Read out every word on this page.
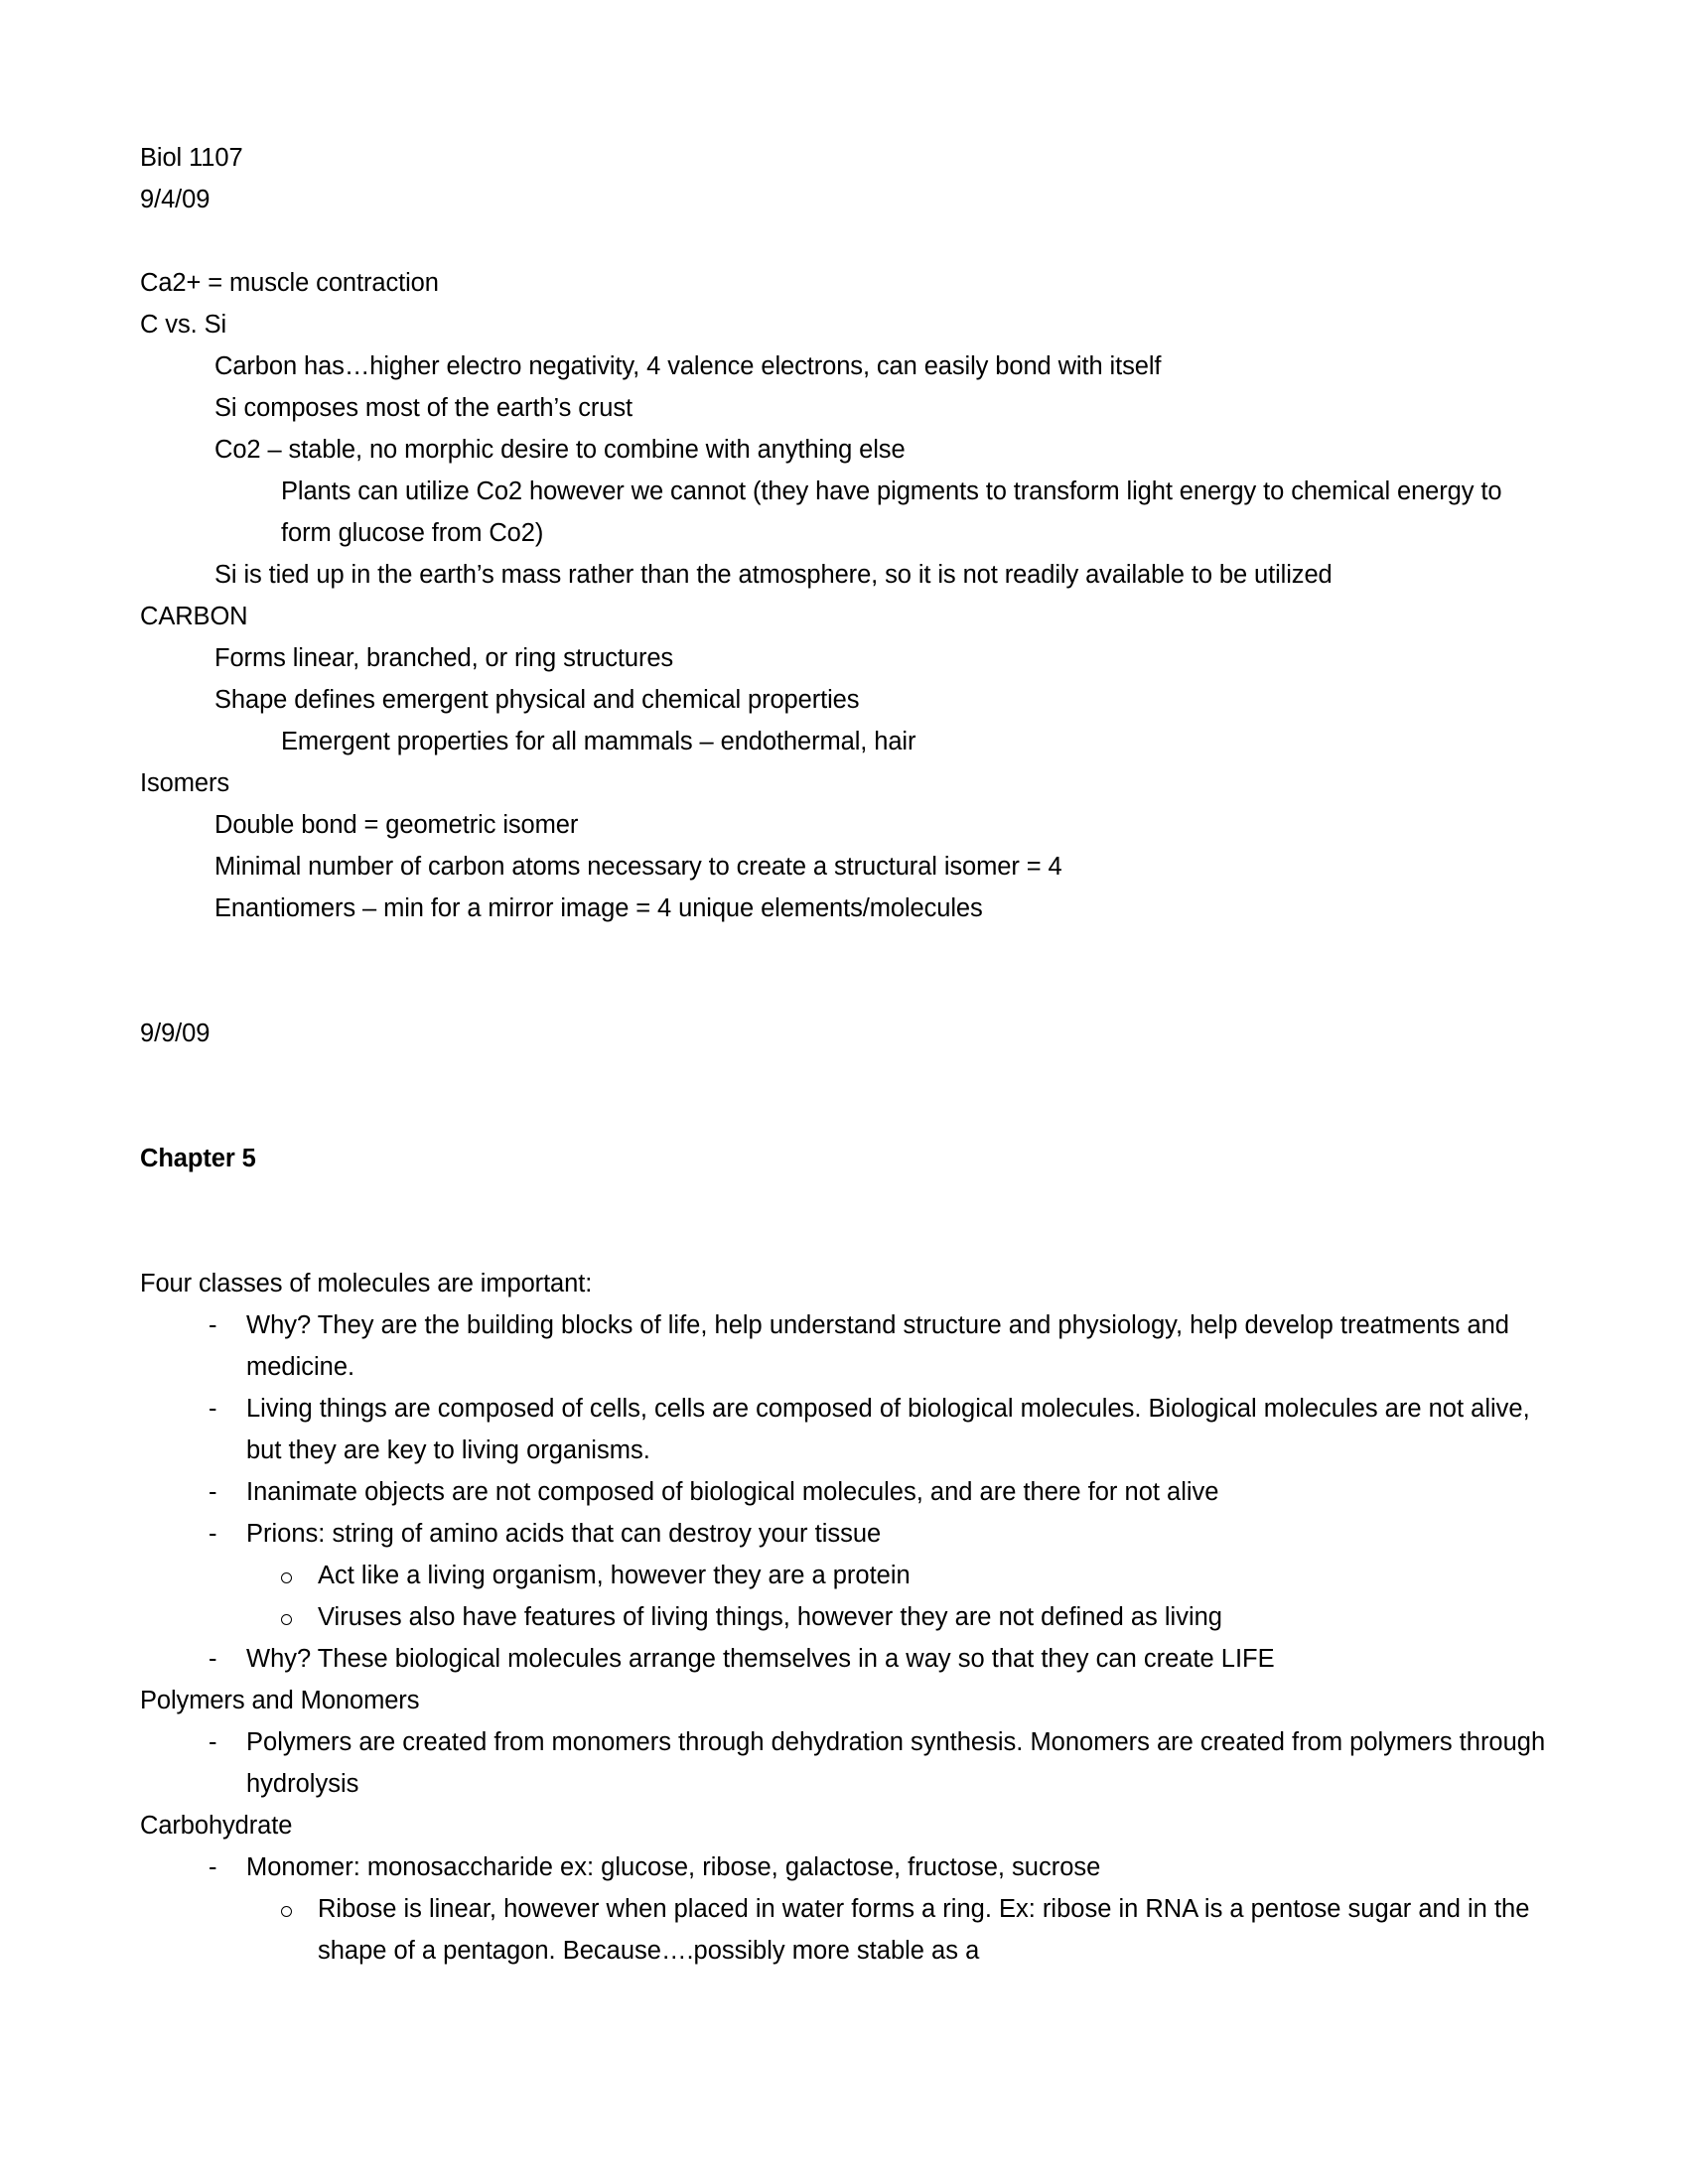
Biol 1107
9/4/09
Ca2+ = muscle contraction
C vs. Si
Carbon has…higher electro negativity, 4 valence electrons, can easily bond with itself
Si composes most of the earth’s crust
Co2 – stable, no morphic desire to combine with anything else
Plants can utilize Co2 however we cannot (they have pigments to transform light energy to chemical energy to form glucose from Co2)
Si is tied up in the earth’s mass rather than the atmosphere, so it is not readily available to be utilized
CARBON
Forms linear, branched, or ring structures
Shape defines emergent physical and chemical properties
Emergent properties for all mammals – endothermal, hair
Isomers
Double bond = geometric isomer
Minimal number of carbon atoms necessary to create a structural isomer = 4
Enantiomers – min for a mirror image = 4 unique elements/molecules
9/9/09
Chapter 5
Four classes of molecules are important:
-	Why? They are the building blocks of life, help understand structure and physiology, help develop treatments and medicine.
-	Living things are composed of cells, cells are composed of biological molecules. Biological molecules are not alive, but they are key to living organisms.
-	Inanimate objects are not composed of biological molecules, and are there for not alive
-	Prions: string of amino acids that can destroy your tissue
Act like a living organism, however they are a protein
Viruses also have features of living things, however they are not defined as living
-	Why? These biological molecules arrange themselves in a way so that they can create LIFE
Polymers and Monomers
-	Polymers are created from monomers through dehydration synthesis. Monomers are created from polymers through hydrolysis
Carbohydrate
-	Monomer: monosaccharide ex: glucose, ribose, galactose, fructose, sucrose
Ribose is linear, however when placed in water forms a ring. Ex: ribose in RNA is a pentose sugar and in the shape of a pentagon. Because….possibly more stable as a
